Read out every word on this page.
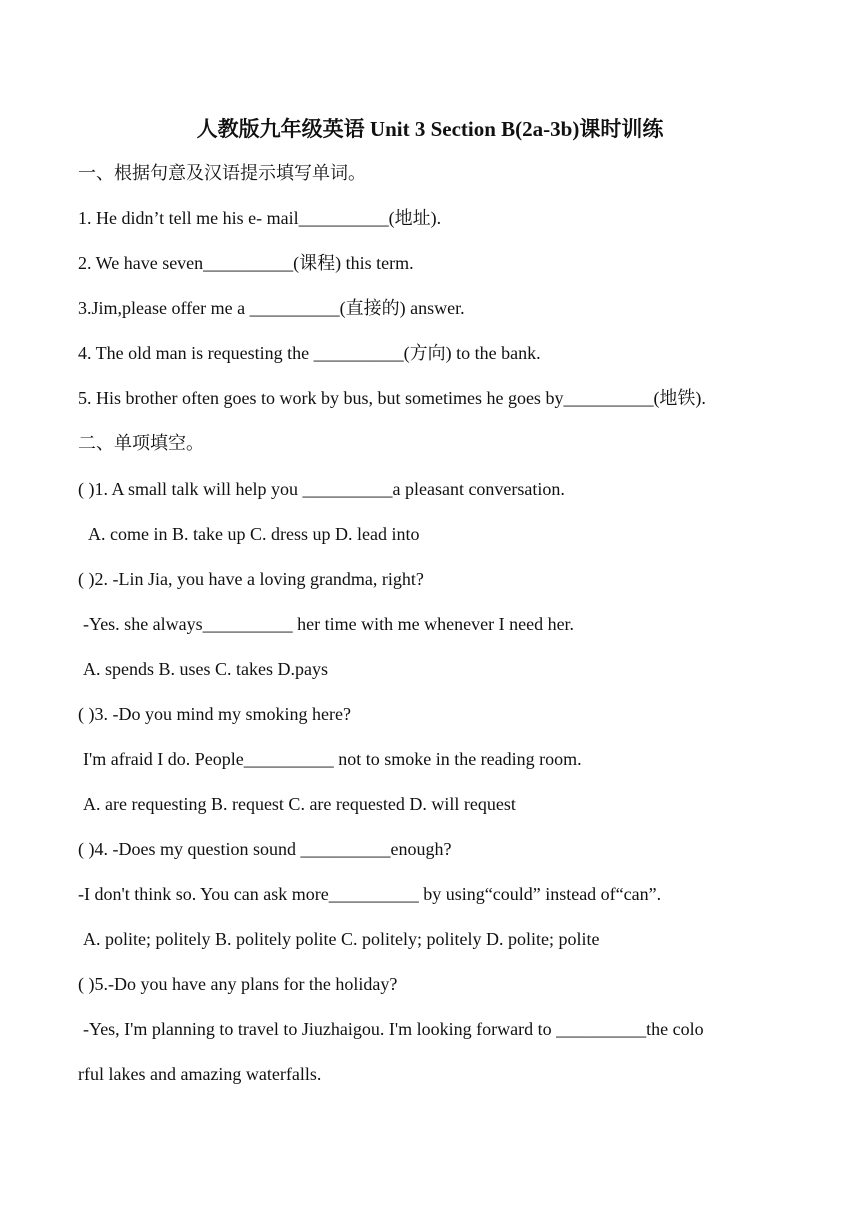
人教版九年级英语 Unit 3 Section B(2a-3b)课时训练
一、根据句意及汉语提示填写单词。
1. He didn’t tell me his e- mail__________(地址).
2. We have seven__________(课程) this term.
3.Jim,please offer me a __________(直接的) answer.
4. The old man is requesting the __________(方向) to the bank.
5. His brother often goes to work by bus, but sometimes he goes by__________(地铁).
二、单项填空。
( )1. A small talk will help you __________a pleasant conversation.
A. come in B. take up C. dress up D. lead into
( )2. -Lin Jia, you have a loving grandma, right?
-Yes. she always__________ her time with me whenever I need her.
A. spends B. uses C. takes D.pays
( )3. -Do you mind my smoking here?
I'm afraid I do. People__________ not to smoke in the reading room.
A. are requesting B. request C. are requested D. will request
( )4. -Does my question sound __________enough?
-I don't think so. You can ask more__________ by using“could” instead of“can”.
A. polite; politely B. politely polite C. politely; politely D. polite; polite
( )5.-Do you have any plans for the holiday?
-Yes, I'm planning to travel to Jiuzhaigou. I'm looking forward to __________the colo
rful lakes and amazing waterfalls.
